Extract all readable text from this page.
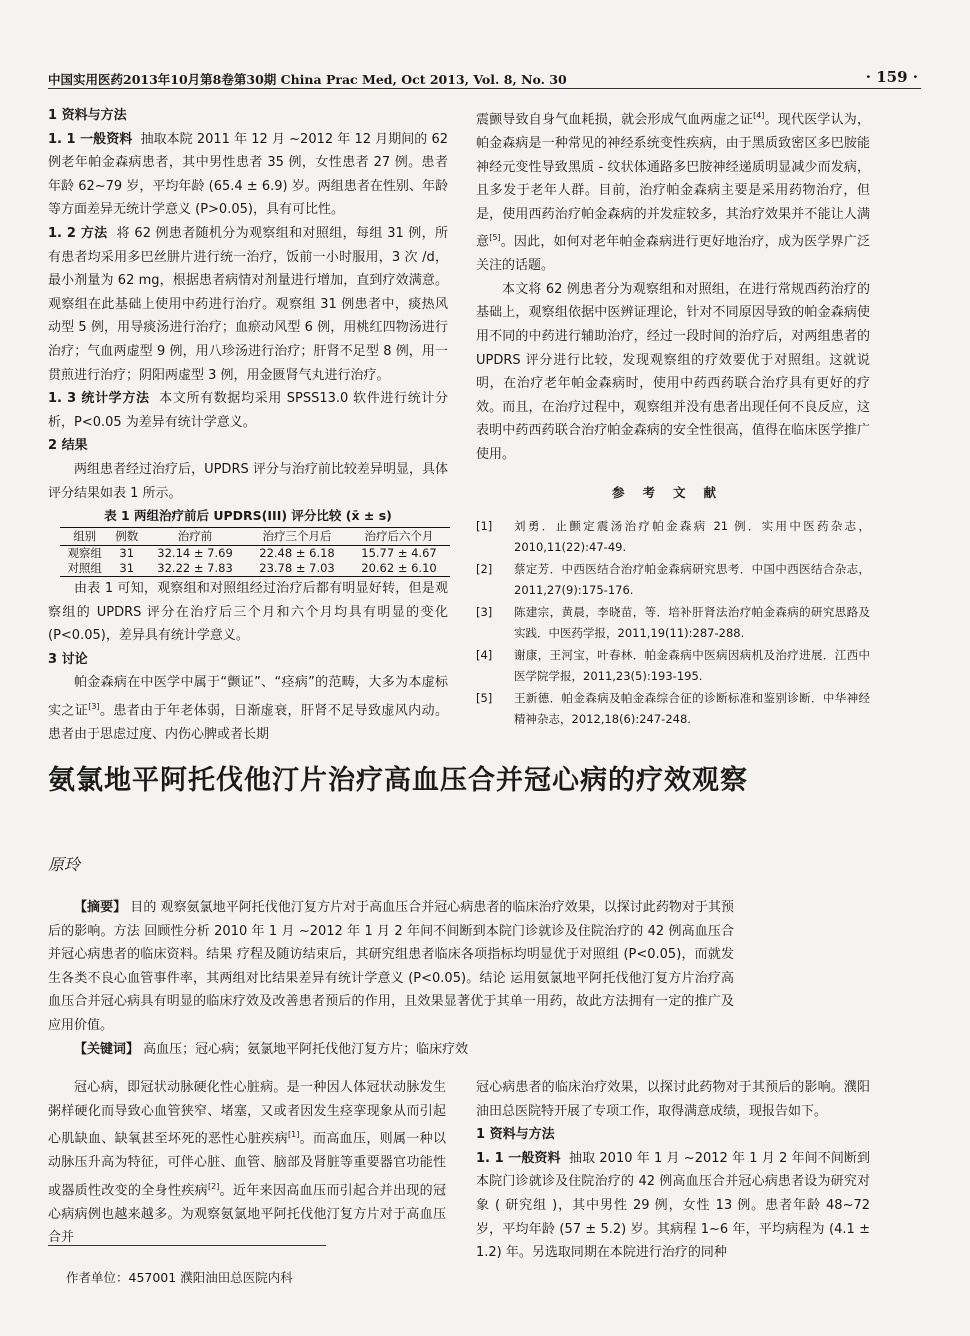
中国实用医药2013年10月第8卷第30期 China Prac Med, Oct 2013, Vol. 8, No. 30	· 159 ·

1 资料与方法

1. 1 一般资料 抽取本院 2011 年 12 月 ~2012 年 12 月期间的 62 例老年帕金森病患者，其中男性患者 35 例，女性患者 27 例。患者年龄 62~79 岁，平均年龄 (65.4 ± 6.9) 岁。两组患者在性别、年龄等方面差异无统计学意义 (P>0.05)，具有可比性。

1. 2 方法 将 62 例患者随机分为观察组和对照组，每组 31 例，所有患者均采用多巴丝肼片进行统一治疗，饭前一小时服用，3 次 /d，最小剂量为 62 mg，根据患者病情对剂量进行增加，直到疗效满意。观察组在此基础上使用中药进行治疗。观察组 31 例患者中，痰热风动型 5 例，用导痰汤进行治疗；血瘀动风型 6 例，用桃红四物汤进行治疗；气血两虚型 9 例，用八珍汤进行治疗；肝肾不足型 8 例，用一贯煎进行治疗；阴阳两虚型 3 例，用金匮肾气丸进行治疗。

1. 3 统计学方法 本文所有数据均采用 SPSS13.0 软件进行统计分析，P<0.05 为差异有统计学意义。

2 结果

两组患者经过治疗后，UPDRS 评分与治疗前比较差异明显，具体评分结果如表 1 所示。

表 1 两组治疗前后 UPDRS(III) 评分比较 (x̄ ± s)
组别	例数	治疗前	治疗三个月后	治疗后六个月
观察组	31	32.14 ± 7.69	22.48 ± 6.18	15.77 ± 4.67
对照组	31	32.22 ± 7.83	23.78 ± 7.03	20.62 ± 6.10

由表 1 可知，观察组和对照组经过治疗后都有明显好转，但是观察组的 UPDRS 评分在治疗后三个月和六个月均具有明显的变化 (P<0.05)，差异具有统计学意义。

3 讨论

帕金森病在中医学中属于“颤证”、“痉病”的范畴，大多为本虚标实之证[3]。患者由于年老体弱，日渐虚衰，肝肾不足导致虚风内动。患者由于思虑过度、内伤心脾或者长期

震颤导致自身气血耗损，就会形成气血两虚之证[4]。现代医学认为，帕金森病是一种常见的神经系统变性疾病，由于黑质致密区多巴胺能神经元变性导致黑质 - 纹状体通路多巴胺神经递质明显减少而发病，且多发于老年人群。目前，治疗帕金森病主要是采用药物治疗，但是，使用西药治疗帕金森病的并发症较多，其治疗效果并不能让人满意[5]。因此，如何对老年帕金森病进行更好地治疗，成为医学界广泛关注的话题。

本文将 62 例患者分为观察组和对照组，在进行常规西药治疗的基础上，观察组依据中医辨证理论，针对不同原因导致的帕金森病使用不同的中药进行辅助治疗，经过一段时间的治疗后，对两组患者的 UPDRS 评分进行比较，发现观察组的疗效要优于对照组。这就说明，在治疗老年帕金森病时，使用中药西药联合治疗具有更好的疗效。而且，在治疗过程中，观察组并没有患者出现任何不良反应，这表明中药西药联合治疗帕金森病的安全性很高，值得在临床医学推广使用。

参考文献
[1] 刘勇．止颤定震汤治疗帕金森病 21 例．实用中医药杂志，2010,11(22):47-49.
[2] 蔡定芳．中西医结合治疗帕金森病研究思考．中国中西医结合杂志，2011,27(9):175-176.
[3] 陈建宗，黄晨，李晓苗，等．培补肝肾法治疗帕金森病的研究思路及实践．中医药学报，2011,19(11):287-288.
[4] 谢康，王河宝，叶春林．帕金森病中医病因病机及治疗进展．江西中医学院学报，2011,23(5):193-195.
[5] 王新德．帕金森病及帕金森综合征的诊断标准和鉴别诊断．中华神经精神杂志，2012,18(6):247-248.
氨氯地平阿托伐他汀片治疗高血压合并冠心病的疗效观察
原玲

【摘要】 目的 观察氨氯地平阿托伐他汀复方片对于高血压合并冠心病患者的临床治疗效果，以探讨此药物对于其预后的影响。方法 回顾性分析 2010 年 1 月 ~2012 年 1 月 2 年间不间断到本院门诊就诊及住院治疗的 42 例高血压合并冠心病患者的临床资料。结果 疗程及随访结束后，其研究组患者临床各项指标均明显优于对照组 (P<0.05)，而就发生各类不良心血管事件率，其两组对比结果差异有统计学意义 (P<0.05)。结论 运用氨氯地平阿托伐他汀复方片治疗高血压合并冠心病具有明显的临床疗效及改善患者预后的作用，且效果显著优于其单一用药，故此方法拥有一定的推广及应用价值。

【关键词】 高血压；冠心病；氨氯地平阿托伐他汀复方片；临床疗效

冠心病，即冠状动脉硬化性心脏病。是一种因人体冠状动脉发生粥样硬化而导致心血管狭窄、堵塞，又或者因发生痉挛现象从而引起心肌缺血、缺氧甚至坏死的恶性心脏疾病[1]。而高血压，则属一种以动脉压升高为特征，可伴心脏、血管、脑部及肾脏等重要器官功能性或器质性改变的全身性疾病[2]。近年来因高血压而引起合并出现的冠心病病例也越来越多。为观察氨氯地平阿托伐他汀复方片对于高血压合并

作者单位：457001 濮阳油田总医院内科

冠心病患者的临床治疗效果，以探讨此药物对于其预后的影响。濮阳油田总医院特开展了专项工作，取得满意成绩，现报告如下。

1 资料与方法

1. 1 一般资料 抽取 2010 年 1 月 ~2012 年 1 月 2 年间不间断到本院门诊就诊及住院治疗的 42 例高血压合并冠心病患者设为研究对象 ( 研究组 )，其中男性 29 例，女性 13 例。患者年龄 48~72 岁，平均年龄 (57 ± 5.2) 岁。其病程 1~6 年，平均病程为 (4.1 ± 1.2) 年。另选取同期在本院进行治疗的同种
